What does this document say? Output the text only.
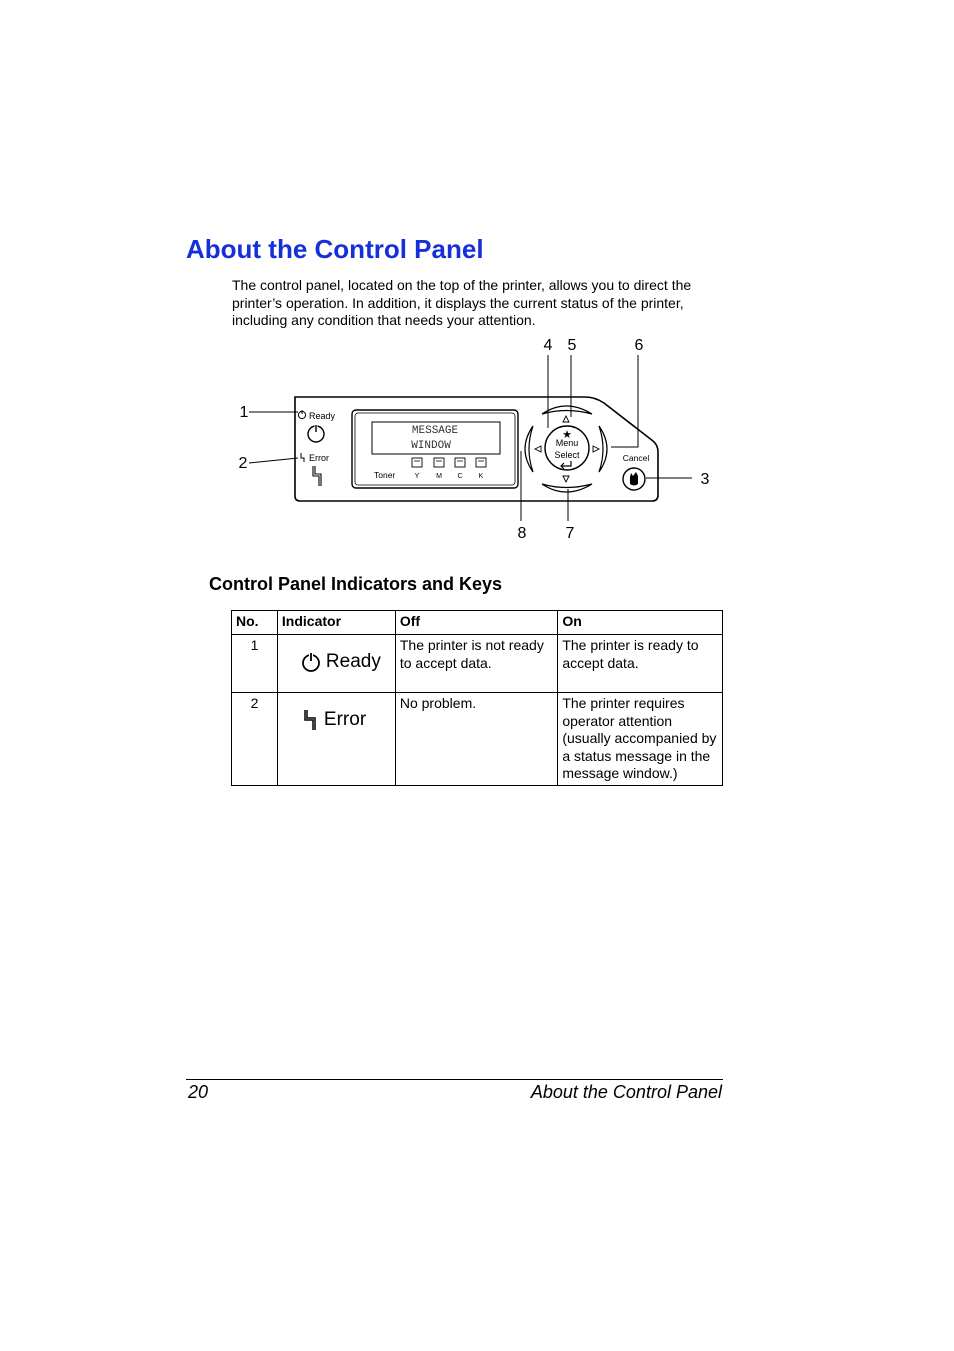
About the Control Panel

The control panel, located on the top of the printer, allows you to direct the printer’s operation. In addition, it displays the current status of the printer, including any condition that needs your attention.

Ready
Error
MESSAGE
WINDOW
Toner	Y M C K
★
Menu
Select	Cancel
1
2
3
4 5	6
7
8
Control Panel Indicators and Keys
No.	Indicator	Off	On
1	Ready	The printer is not ready to accept data.	The printer is ready to accept data.
2	Error	No problem.	The printer requires operator attention (usually accompanied by a status message in the message window.)
20	About the Control Panel
